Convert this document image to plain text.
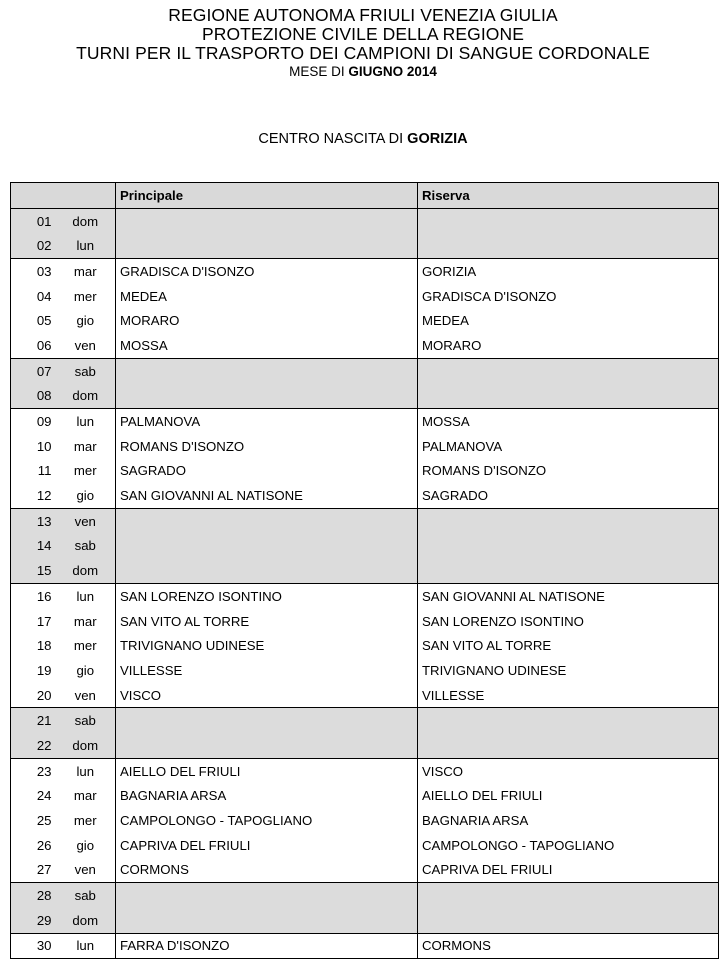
REGIONE AUTONOMA FRIULI VENEZIA GIULIA
PROTEZIONE CIVILE DELLA REGIONE
TURNI PER IL TRASPORTO DEI CAMPIONI DI SANGUE CORDONALE
MESE DI GIUGNO 2014
CENTRO NASCITA DI GORIZIA
		Principale	Riserva
01	dom		
02	lun		
03	mar	GRADISCA D'ISONZO	GORIZIA
04	mer	MEDEA	GRADISCA D'ISONZO
05	gio	MORARO	MEDEA
06	ven	MOSSA	MORARO
07	sab		
08	dom		
09	lun	PALMANOVA	MOSSA
10	mar	ROMANS D'ISONZO	PALMANOVA
11	mer	SAGRADO	ROMANS D'ISONZO
12	gio	SAN GIOVANNI AL NATISONE	SAGRADO
13	ven		
14	sab		
15	dom		
16	lun	SAN LORENZO ISONTINO	SAN GIOVANNI AL NATISONE
17	mar	SAN VITO AL TORRE	SAN LORENZO ISONTINO
18	mer	TRIVIGNANO UDINESE	SAN VITO AL TORRE
19	gio	VILLESSE	TRIVIGNANO UDINESE
20	ven	VISCO	VILLESSE
21	sab		
22	dom		
23	lun	AIELLO DEL FRIULI	VISCO
24	mar	BAGNARIA ARSA	AIELLO DEL FRIULI
25	mer	CAMPOLONGO - TAPOGLIANO	BAGNARIA ARSA
26	gio	CAPRIVA DEL FRIULI	CAMPOLONGO - TAPOGLIANO
27	ven	CORMONS	CAPRIVA DEL FRIULI
28	sab		
29	dom		
30	lun	FARRA D'ISONZO	CORMONS
